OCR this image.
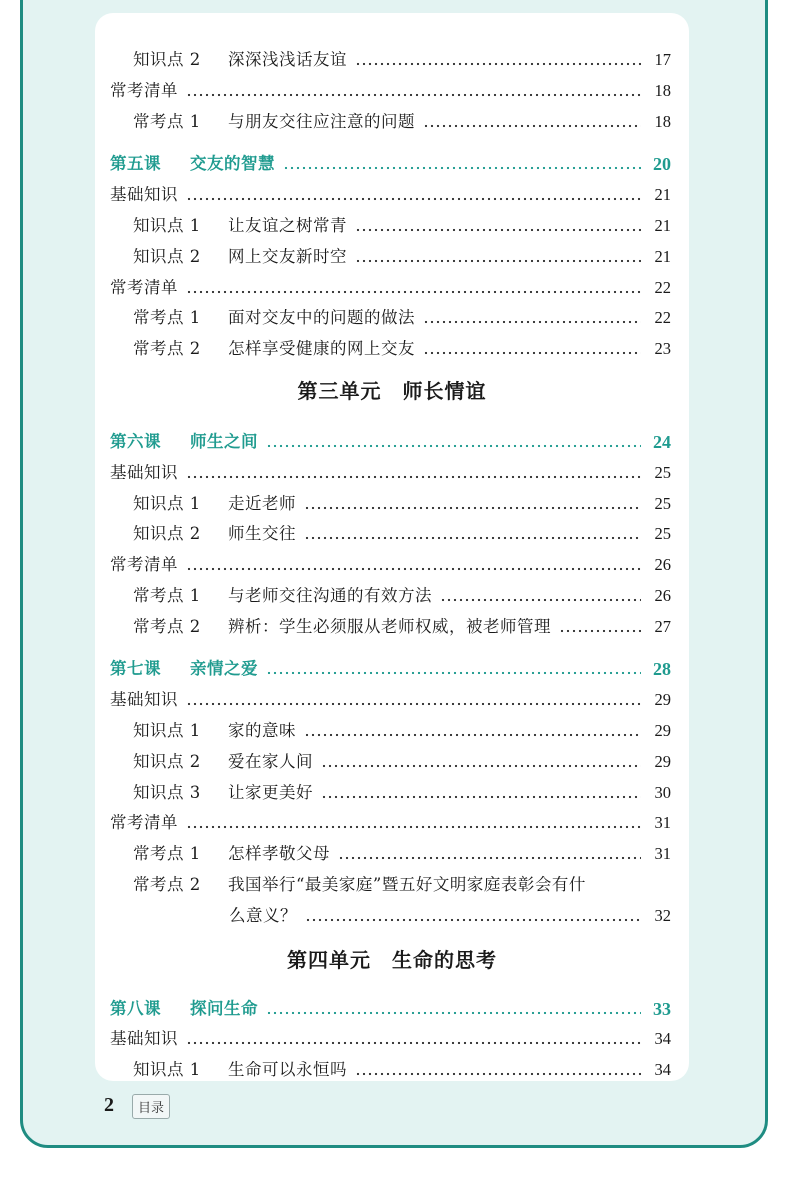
知识点 2 深深浅浅话友谊	17
常考清单	18
常考点 1 与朋友交往应注意的问题	18
第五课 交友的智慧	20
基础知识	21
知识点 1 让友谊之树常青	21
知识点 2 网上交友新时空	21
常考清单	22
常考点 1 面对交友中的问题的做法	22
常考点 2 怎样享受健康的网上交友	23
第三单元　师长情谊
第六课 师生之间	24
基础知识	25
知识点 1 走近老师	25
知识点 2 师生交往	25
常考清单	26
常考点 1 与老师交往沟通的有效方法	26
常考点 2 辨析：学生必须服从老师权威，被老师管理	27
第七课 亲情之爱	28
基础知识	29
知识点 1 家的意味	29
知识点 2 爱在家人间	29
知识点 3 让家更美好	30
常考清单	31
常考点 1 怎样孝敬父母	31
常考点 2 我国举行“最美家庭”暨五好文明家庭表彰会有什
么意义？	32
第四单元　生命的思考
第八课 探问生命	33
基础知识	34
知识点 1 生命可以永恒吗	34
2	目录
